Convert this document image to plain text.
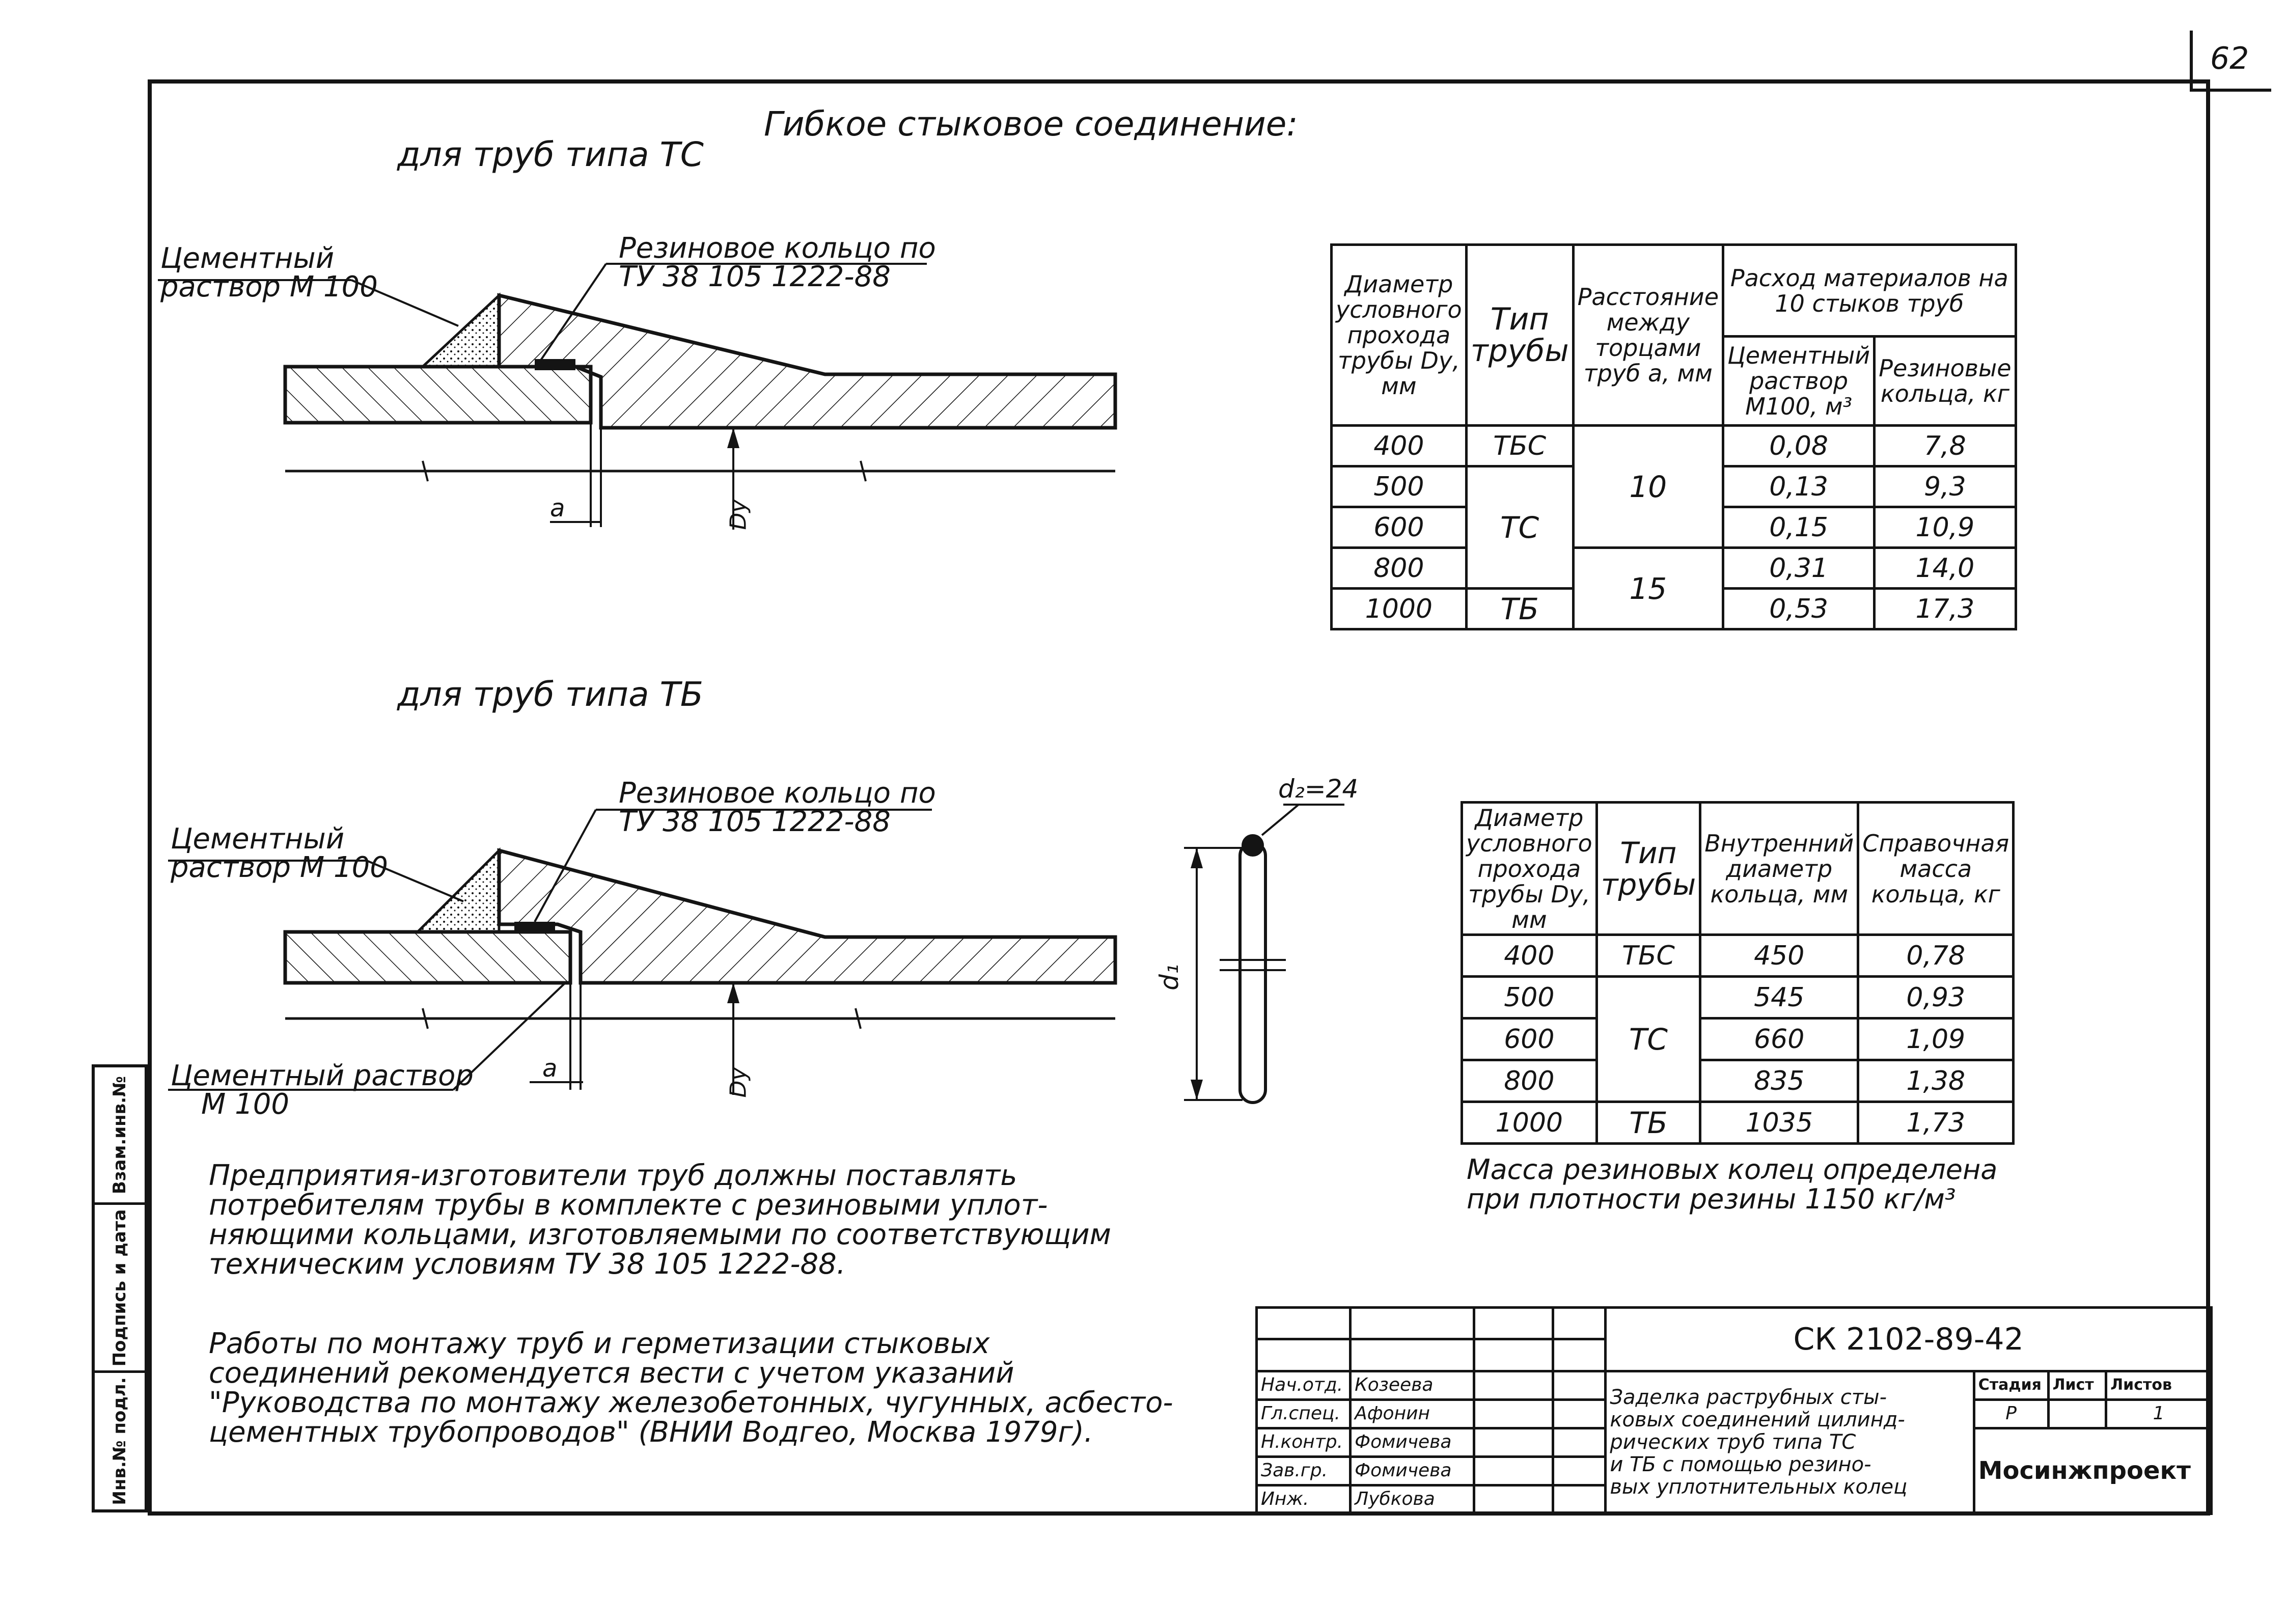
62
Взам.инв.№
Подпись и дата
Инв.№ подл.
Гибкое стыковое соединение:
для труб типа ТС
для труб типа ТБ
Цементный
раствор М 100
Резиновое кольцо по
ТУ 38 105 1222-88
a	Dу
Цементный
раствор М 100
Резиновое кольцо по
ТУ 38 105 1222-88
Цементный раствор
М 100
a	Dу
d₂=24
d₁
Диаметр условного прохода трубы Dу, мм	Тип трубы	Расстояние между торцами труб a, мм	Расход материалов на 10 стыков труб	
			Цементный раствор М100, м³	Резиновые кольца, кг
400	ТБС	10	0,08	7,8
500	ТС		0,13	9,3
600			0,15	10,9
800		15	0,31	14,0
1000	ТБ		0,53	17,3
Диаметр условного прохода трубы Dу, мм	Тип трубы	Внутренний диаметр кольца, мм	Справочная масса кольца, кг
400	ТБС	450	0,78
500	ТС	545	0,93
600		660	1,09
800		835	1,38
1000	ТБ	1035	1,73
Масса резиновых колец определена
при плотности резины 1150 кг/м³
Предприятия-изготовители труб должны поставлять
потребителям трубы в комплекте с резиновыми уплот-
няющими кольцами, изготовляемыми по соответствующим
техническим условиям ТУ 38 105 1222-88.
Работы по монтажу труб и герметизации стыковых
соединений рекомендуется вести с учетом указаний
"Руководства по монтажу железобетонных, чугунных, асбесто-
цементных трубопроводов" (ВНИИ Водгео, Москва 1979г).
				СК 2102-89-42			

Нач.отд.	Козеева			Заделка раструбных сты-
ковых соединений цилинд-
рических труб типа ТС
и ТБ с помощью резино-
вых уплотнительных колец	Стадия	Лист	Листов
Гл.спец.	Афонин				Р		1
Н.контр.	Фомичева				Мосинжпроект		
Зав.гр.	Фомичева						
Инж.	Лубкова						
